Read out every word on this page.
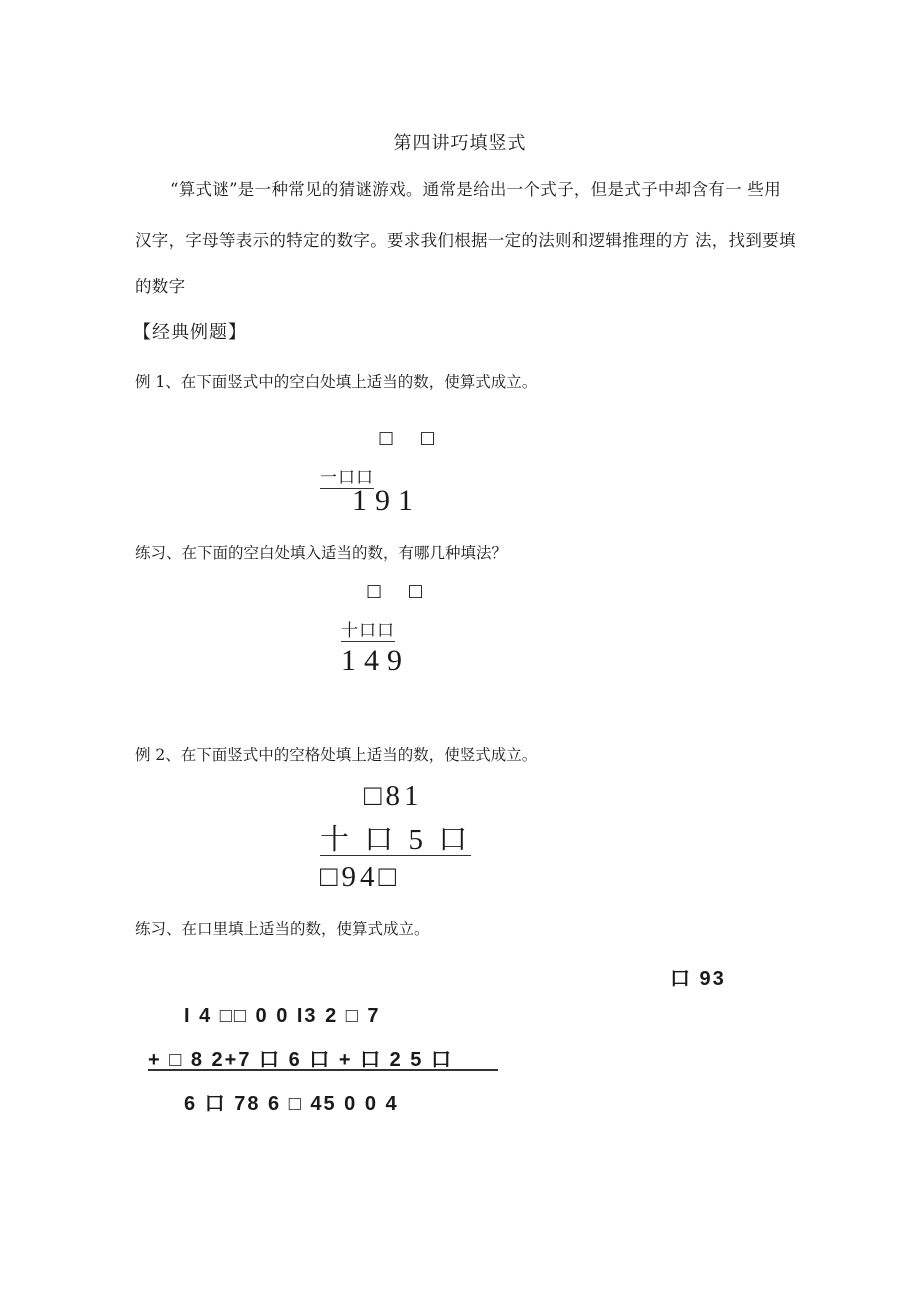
第四讲巧填竖式
“算式谜”是一种常见的猜谜游戏。通常是给出一个式子，但是式子中却含有一 些用
汉字，字母等表示的特定的数字。要求我们根据一定的法则和逻辑推理的方 法，找到要填
的数字
【经典例题】
例 1、在下面竖式中的空白处填上适当的数，使算式成立。
□ □
一口口
191
练习、在下面的空白处填入适当的数，有哪几种填法？
□ □
十口口
149
例 2、在下面竖式中的空格处填上适当的数，使竖式成立。
□81
十 口 5 口
□94□
练习、在口里填上适当的数，使算式成立。
口 93
I 4 □□ 0 0 I3 2 □ 7
+ □ 8 2+7 口 6 口 + 口 2 5 口
6 口 78 6 □ 45 0 0 4
